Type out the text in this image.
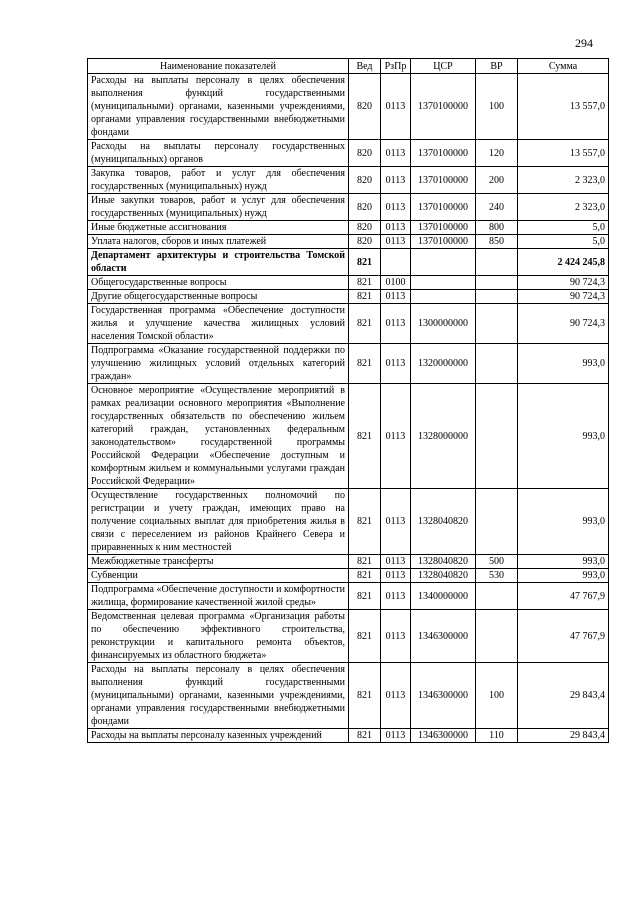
294
Наименование показателей	Вед	РзПр	ЦСР	ВР	Сумма
Расходы на выплаты персоналу в целях обеспечения выполнения функций государственными (муниципальными) органами, казенными учреждениями, органами управления государственными внебюджетными фондами	820	0113	1370100000	100	13 557,0
Расходы на выплаты персоналу государственных (муниципальных) органов	820	0113	1370100000	120	13 557,0
Закупка товаров, работ и услуг для обеспечения государственных (муниципальных) нужд	820	0113	1370100000	200	2 323,0
Иные закупки товаров, работ и услуг для обеспечения государственных (муниципальных) нужд	820	0113	1370100000	240	2 323,0
Иные бюджетные ассигнования	820	0113	1370100000	800	5,0
Уплата налогов, сборов и иных платежей	820	0113	1370100000	850	5,0
Департамент архитектуры и строительства Томской области	821				2 424 245,8
Общегосударственные вопросы	821	0100			90 724,3
Другие общегосударственные вопросы	821	0113			90 724,3
Государственная программа «Обеспечение доступности жилья и улучшение качества жилищных условий населения Томской области»	821	0113	1300000000		90 724,3
Подпрограмма «Оказание государственной поддержки по улучшению жилищных условий отдельных категорий граждан»	821	0113	1320000000		993,0
Основное мероприятие «Осуществление мероприятий в рамках реализации основного мероприятия «Выполнение государственных обязательств по обеспечению жильем категорий граждан, установленных федеральным законодательством» государственной программы Российской Федерации «Обеспечение доступным и комфортным жильем и коммунальными услугами граждан Российской Федерации»	821	0113	1328000000		993,0
Осуществление государственных полномочий по регистрации и учету граждан, имеющих право на получение социальных выплат для приобретения жилья в связи с переселением из районов Крайнего Севера и приравненных к ним местностей	821	0113	1328040820		993,0
Межбюджетные трансферты	821	0113	1328040820	500	993,0
Субвенции	821	0113	1328040820	530	993,0
Подпрограмма «Обеспечение доступности и комфортности жилища, формирование качественной жилой среды»	821	0113	1340000000		47 767,9
Ведомственная целевая программа «Организация работы по обеспечению эффективного строительства, реконструкции и капитального ремонта объектов, финансируемых из областного бюджета»	821	0113	1346300000		47 767,9
Расходы на выплаты персоналу в целях обеспечения выполнения функций государственными (муниципальными) органами, казенными учреждениями, органами управления государственными внебюджетными фондами	821	0113	1346300000	100	29 843,4
Расходы на выплаты персоналу казенных учреждений	821	0113	1346300000	110	29 843,4
